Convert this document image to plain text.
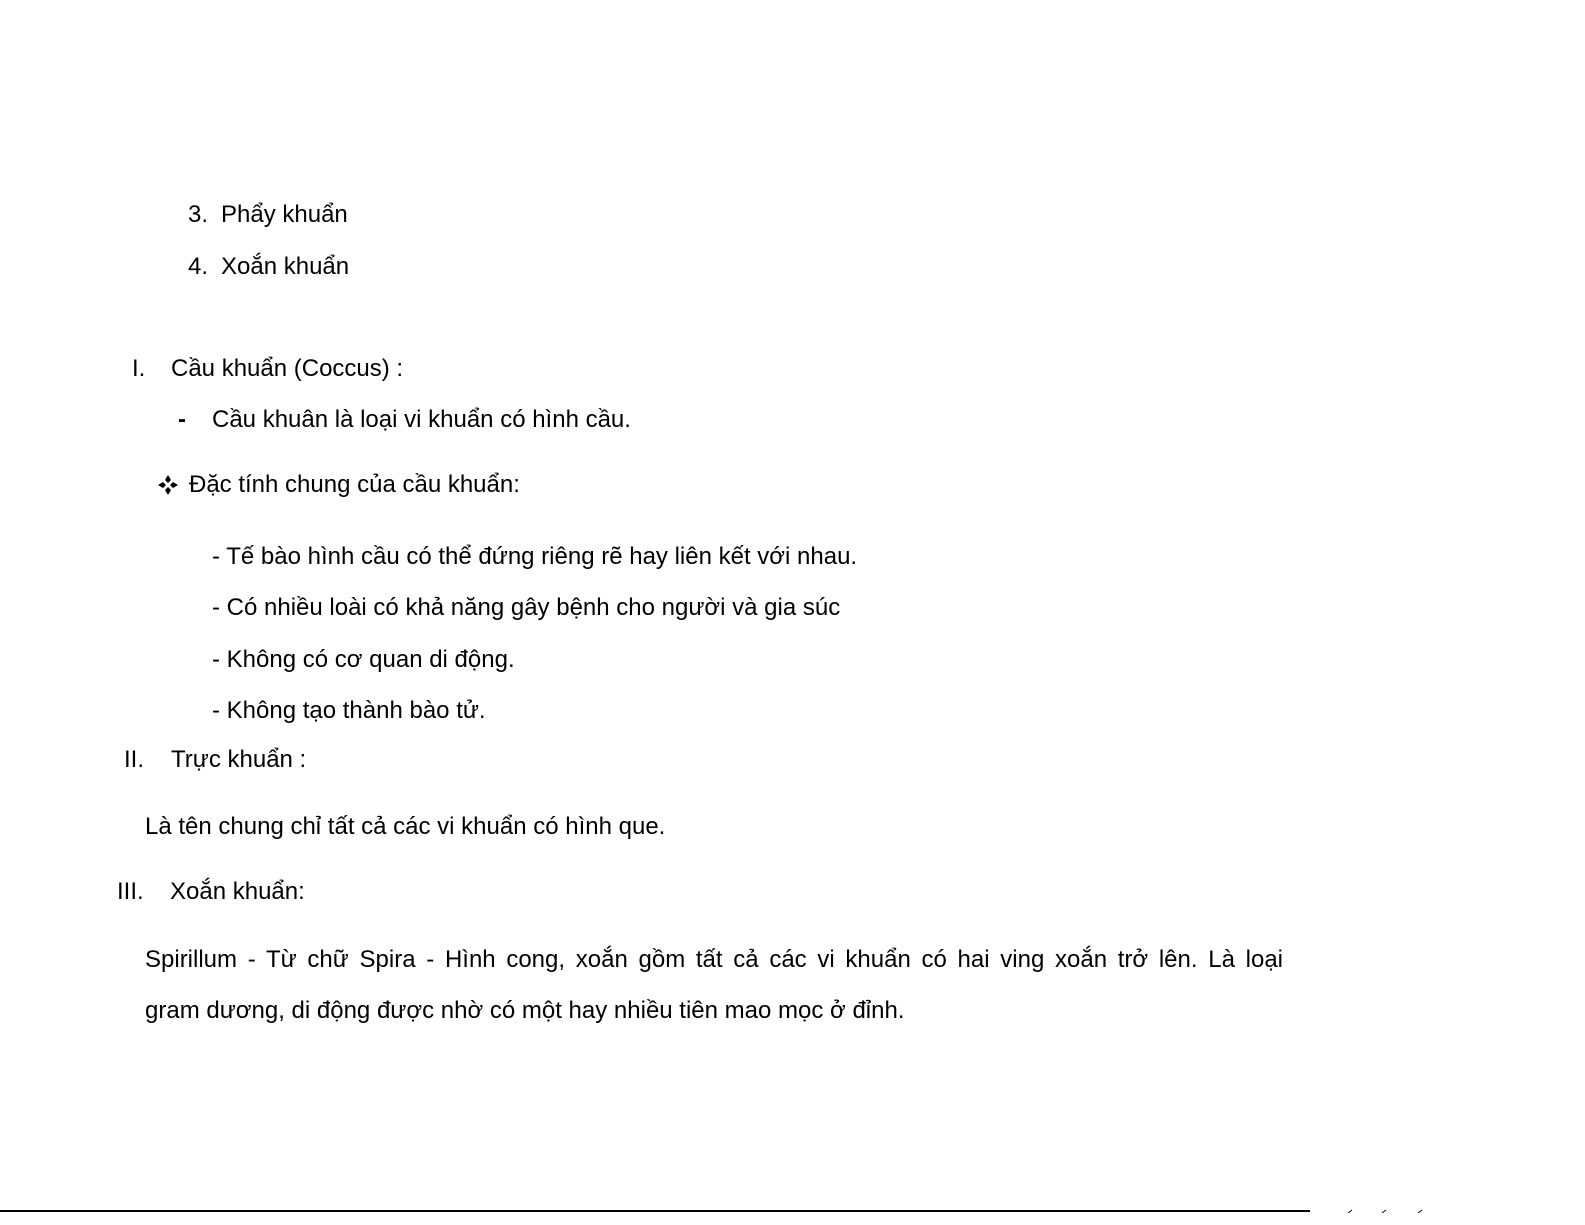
3. Phẩy khuẩn
4. Xoắn khuẩn
I. Cầu khuẩn (Coccus) :
- Cầu khuân là loại vi khuẩn có hình cầu.
Đặc tính chung của cầu khuẩn:
- Tế bào hình cầu có thể đứng riêng rẽ hay liên kết với nhau.
- Có nhiều loài có khả năng gây bệnh cho người và gia súc
- Không có cơ quan di động.
- Không tạo thành bào tử.
II. Trực khuẩn :
Là tên chung chỉ tất cả các vi khuẩn có hình que.
III. Xoắn khuẩn:
Spirillum - Từ chữ Spira - Hình cong, xoắn gồm tất cả các vi khuẩn có hai ving xoắn trở lên. Là loại
gram dương, di động được nhờ có một hay nhiều tiên mao mọc ở đỉnh.
